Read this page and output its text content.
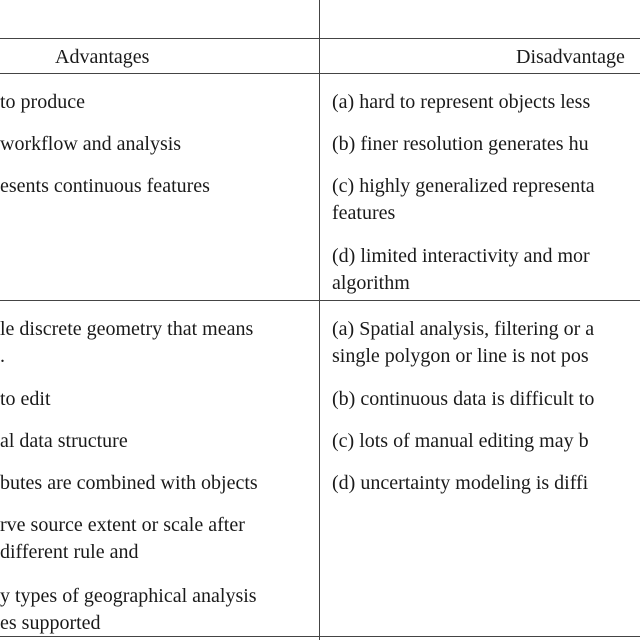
Advantages	Disadvantage
to produce
workflow and analysis
esents continuous features
(a) hard to represent objects less
(b) finer resolution generates hu
(c) highly generalized representa
features
(d) limited interactivity and mor
algorithm
le discrete geometry that means
.
to edit
al data structure
butes are combined with objects
rve source extent or scale after
different rule and
y types of geographical analysis
es supported
(a) Spatial analysis, filtering or a
single polygon or line is not pos
(b) continuous data is difficult to
(c) lots of manual editing may b
(d) uncertainty modeling is diffi
